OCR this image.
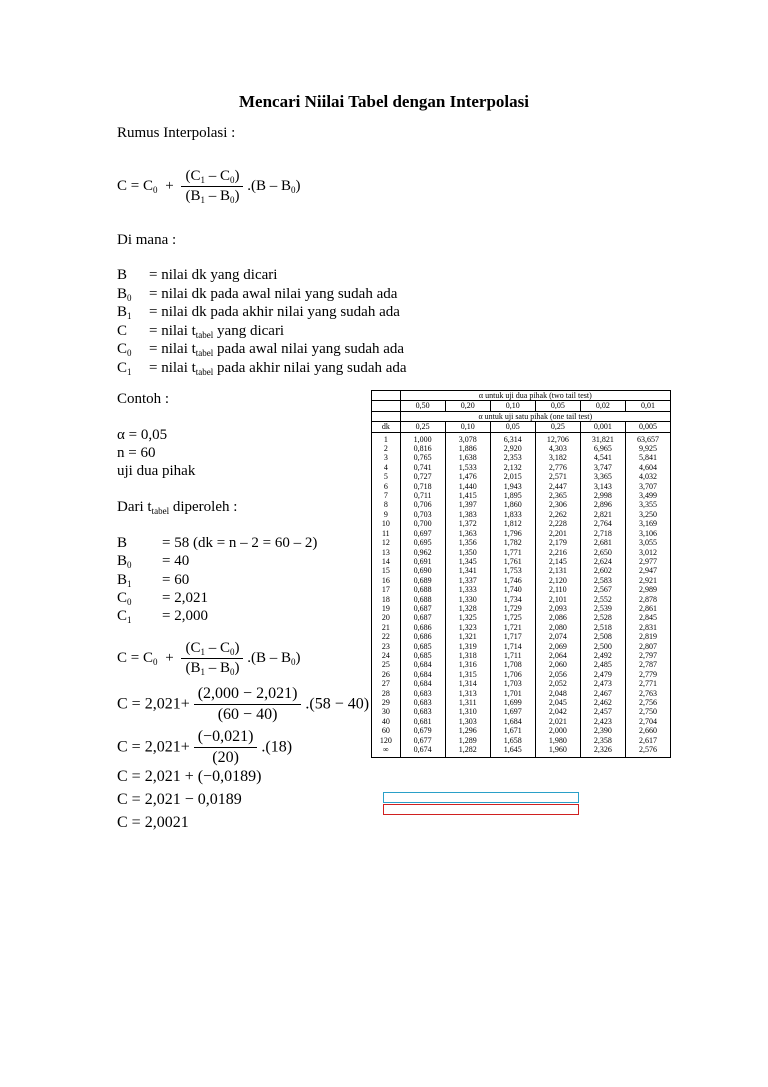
Mencari Niilai Tabel dengan Interpolasi
Rumus Interpolasi :
$C = C_0 + \frac{(C_1 - C_0)}{(B_1 - B_0)} .(B - B_0)$
Di mana :
B = nilai dk yang dicari
$B_0$ = nilai dk pada awal nilai yang sudah ada
$B_1$ = nilai dk pada akhir nilai yang sudah ada
C = nilai $t_{tabel}$ yang dicari
$C_0$ = nilai $t_{tabel}$ pada awal nilai yang sudah ada
$C_1$ = nilai $t_{tabel}$ pada akhir nilai yang sudah ada
Contoh :
α = 0,05
n = 60
uji dua pihak
Dari $t_{tabel}$ diperoleh :
B = 58 (dk = n – 2 = 60 – 2)
$B_0 = 40$
$B_1 = 60$
$C_0 = 2,021$
$C_1 = 2,000$
$C = C_0 + \frac{(C_1 - C_0)}{(B_1 - B_0)} .(B - B_0)$
$C = 2,021+ \frac{(2,000 - 2,021)}{(60 - 40)} .(58 - 40)$
$C = 2,021+ \frac{(-0,021)}{(20)} .(18)$
C = 2,021 + (−0,0189)
C = 2,021 − 0,0189
C = 2,0021
	α untuk uji dua pihak (two tail test)					
	0,50	0,20	0,10	0,05	0,02	0,01
	α untuk uji satu pihak (one tail test)					
dk	0,25	0,10	0,05	0,25	0,001	0,005
1	1,000	3,078	6,314	12,706	31,821	63,657
2	0,816	1,886	2,920	4,303	6,965	9,925
3	0,765	1,638	2,353	3,182	4,541	5,841
4	0,741	1,533	2,132	2,776	3,747	4,604
5	0,727	1,476	2,015	2,571	3,365	4,032
6	0,718	1,440	1,943	2,447	3,143	3,707
7	0,711	1,415	1,895	2,365	2,998	3,499
8	0,706	1,397	1,860	2,306	2,896	3,355
9	0,703	1,383	1,833	2,262	2,821	3,250
10	0,700	1,372	1,812	2,228	2,764	3,169
11	0,697	1,363	1,796	2,201	2,718	3,106
12	0,695	1,356	1,782	2,179	2,681	3,055
13	0,962	1,350	1,771	2,216	2,650	3,012
14	0,691	1,345	1,761	2,145	2,624	2,977
15	0,690	1,341	1,753	2,131	2,602	2,947
16	0,689	1,337	1,746	2,120	2,583	2,921
17	0,688	1,333	1,740	2,110	2,567	2,989
18	0,688	1,330	1,734	2,101	2,552	2,878
19	0,687	1,328	1,729	2,093	2,539	2,861
20	0,687	1,325	1,725	2,086	2,528	2,845
21	0,686	1,323	1,721	2,080	2,518	2,831
22	0,686	1,321	1,717	2,074	2,508	2,819
23	0,685	1,319	1,714	2,069	2,500	2,807
24	0,685	1,318	1,711	2,064	2,492	2,797
25	0,684	1,316	1,708	2,060	2,485	2,787
26	0,684	1,315	1,706	2,056	2,479	2,779
27	0,684	1,314	1,703	2,052	2,473	2,771
28	0,683	1,313	1,701	2,048	2,467	2,763
29	0,683	1,311	1,699	2,045	2,462	2,756
30	0,683	1,310	1,697	2,042	2,457	2,750
40	0,681	1,303	1,684	2,021	2,423	2,704
60	0,679	1,296	1,671	2,000	2,390	2,660
120	0,677	1,289	1,658	1,980	2,358	2,617
∞	0,674	1,282	1,645	1,960	2,326	2,576
